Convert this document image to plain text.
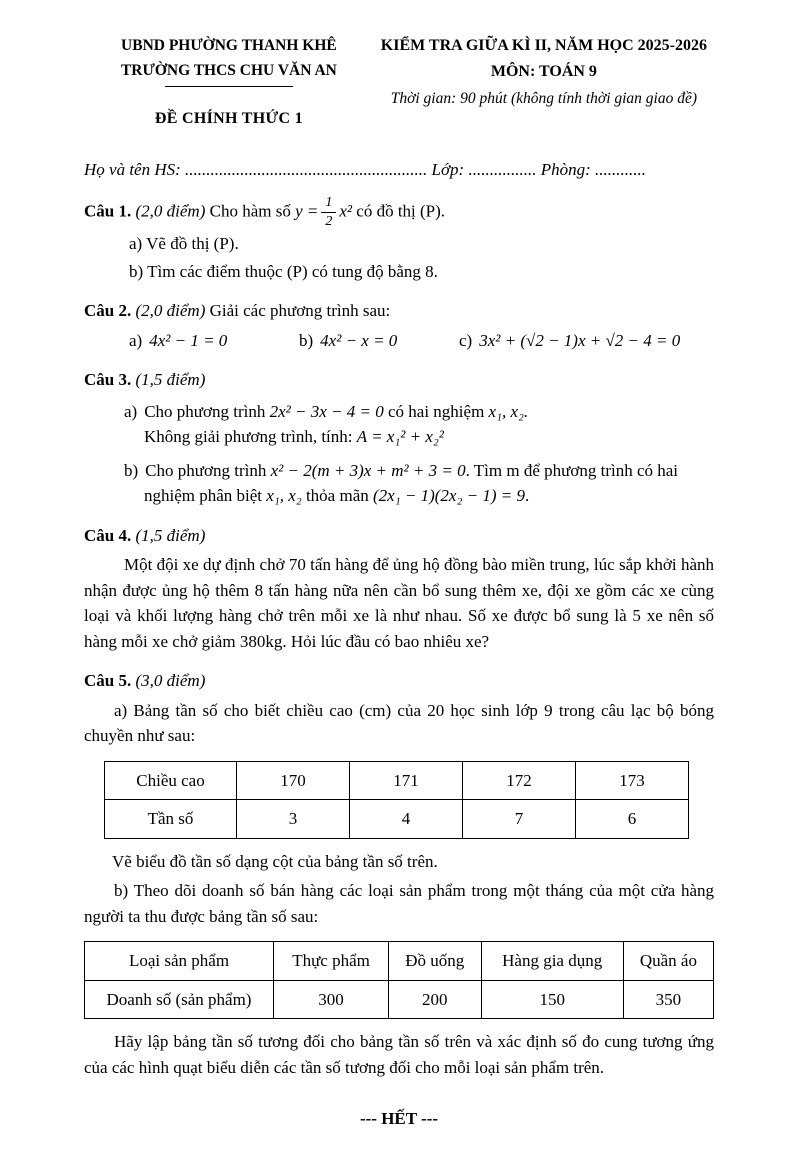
UBND PHƯỜNG THANH KHÊ
TRƯỜNG THCS CHU VĂN AN
ĐỀ CHÍNH THỨC 1
KIỂM TRA GIỮA KÌ II, NĂM HỌC 2025-2026
MÔN: TOÁN 9
Thời gian: 90 phút (không tính thời gian giao đề)
Họ và tên HS: ......................................................... Lớp: ................ Phòng: ............
Câu 1. (2,0 điểm) Cho hàm số $y = \frac{1}{2} x^2$ có đồ thị (P).
a) Vẽ đồ thị (P).
b) Tìm các điểm thuộc (P) có tung độ bằng 8.
Câu 2. (2,0 điểm) Giải các phương trình sau:
a) 4x² − 1 = 0	b) 4x² − x = 0	c) 3x² + (√2 − 1)x + √2 − 4 = 0
Câu 3. (1,5 điểm)
a) Cho phương trình 2x² − 3x − 4 = 0 có hai nghiệm x₁, x₂.
Không giải phương trình, tính: A = x₁² + x₂²
b) Cho phương trình x² − 2(m + 3)x + m² + 3 = 0. Tìm m để phương trình có hai nghiệm phân biệt x₁, x₂ thỏa mãn (2x₁ − 1)(2x₂ − 1) = 9.
Câu 4. (1,5 điểm)
Một đội xe dự định chở 70 tấn hàng để ủng hộ đồng bào miền trung, lúc sắp khởi hành nhận được ủng hộ thêm 8 tấn hàng nữa nên cần bổ sung thêm xe, đội xe gồm các xe cùng loại và khối lượng hàng chở trên mỗi xe là như nhau. Số xe được bổ sung là 5 xe nên số hàng mỗi xe chở giảm 380kg. Hỏi lúc đầu có bao nhiêu xe?
Câu 5. (3,0 điểm)
a) Bảng tần số cho biết chiều cao (cm) của 20 học sinh lớp 9 trong câu lạc bộ bóng chuyền như sau:
Chiều cao	170	171	172	173
Tần số	3	4	7	6
Vẽ biểu đồ tần số dạng cột của bảng tần số trên.
b) Theo dõi doanh số bán hàng các loại sản phẩm trong một tháng của một cửa hàng người ta thu được bảng tần số sau:
Loại sản phẩm	Thực phẩm	Đồ uống	Hàng gia dụng	Quần áo
Doanh số (sản phẩm)	300	200	150	350
Hãy lập bảng tần số tương đối cho bảng tần số trên và xác định số đo cung tương ứng của các hình quạt biểu diễn các tần số tương đối cho mỗi loại sản phẩm trên.
--- HẾT ---
